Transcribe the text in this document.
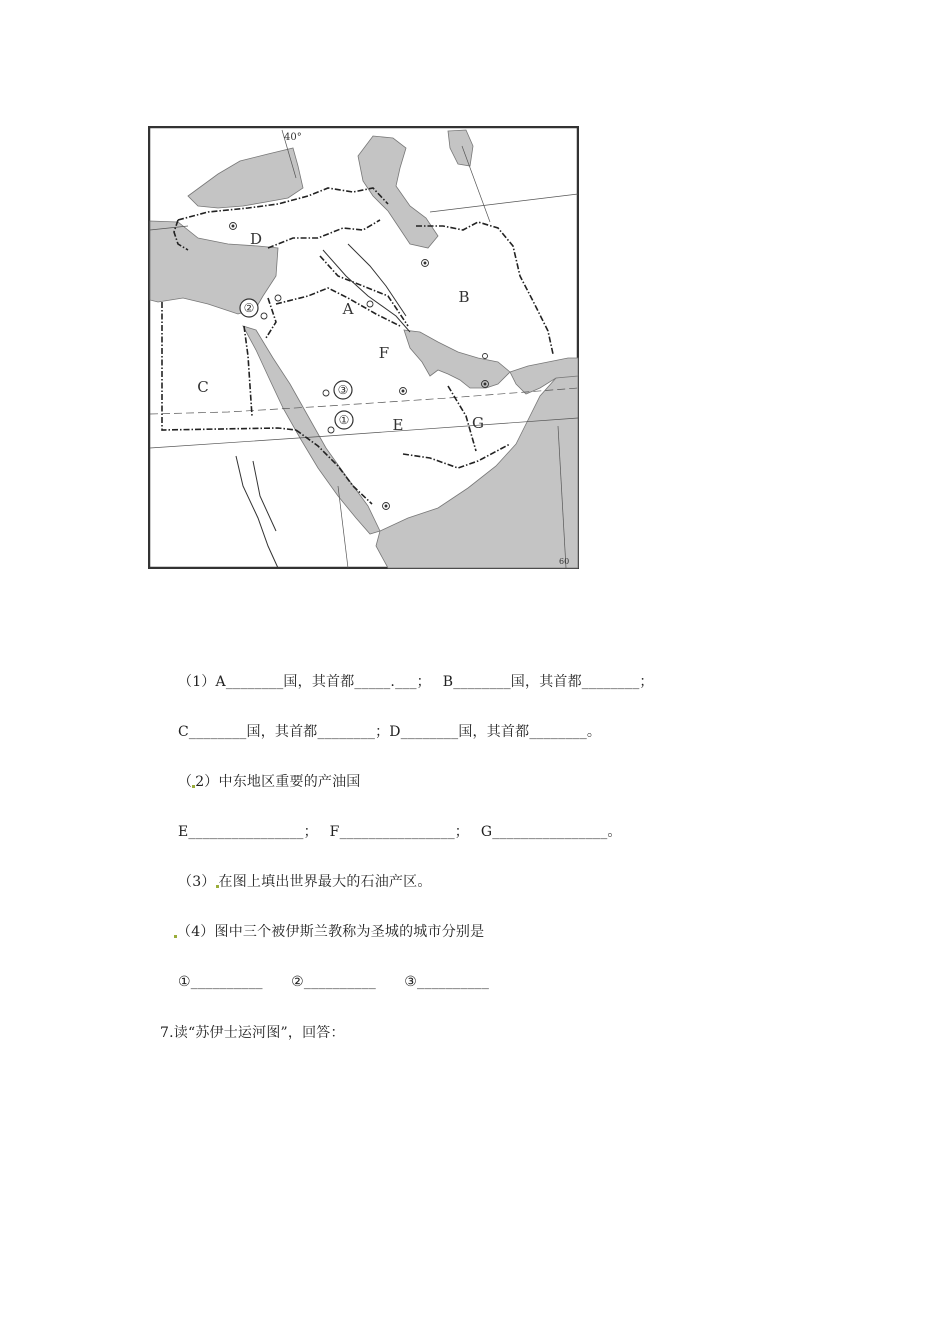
②
③
①
D
B
A
F
C
E	G
40°
60
（1）A________国，其首都_____.___；　 B________国，其首都________；
C________国，其首都________；D________国，其首都________。
（ 2）中东地区重要的产油国
E________________；　 F________________；　 G________________。
（3） 在图上填出世界最大的石油产区。
（4）图中三个被伊斯兰教称为圣城的城市分别是
①__________　　②__________　　③__________
7.读“苏伊士运河图”，回答：
